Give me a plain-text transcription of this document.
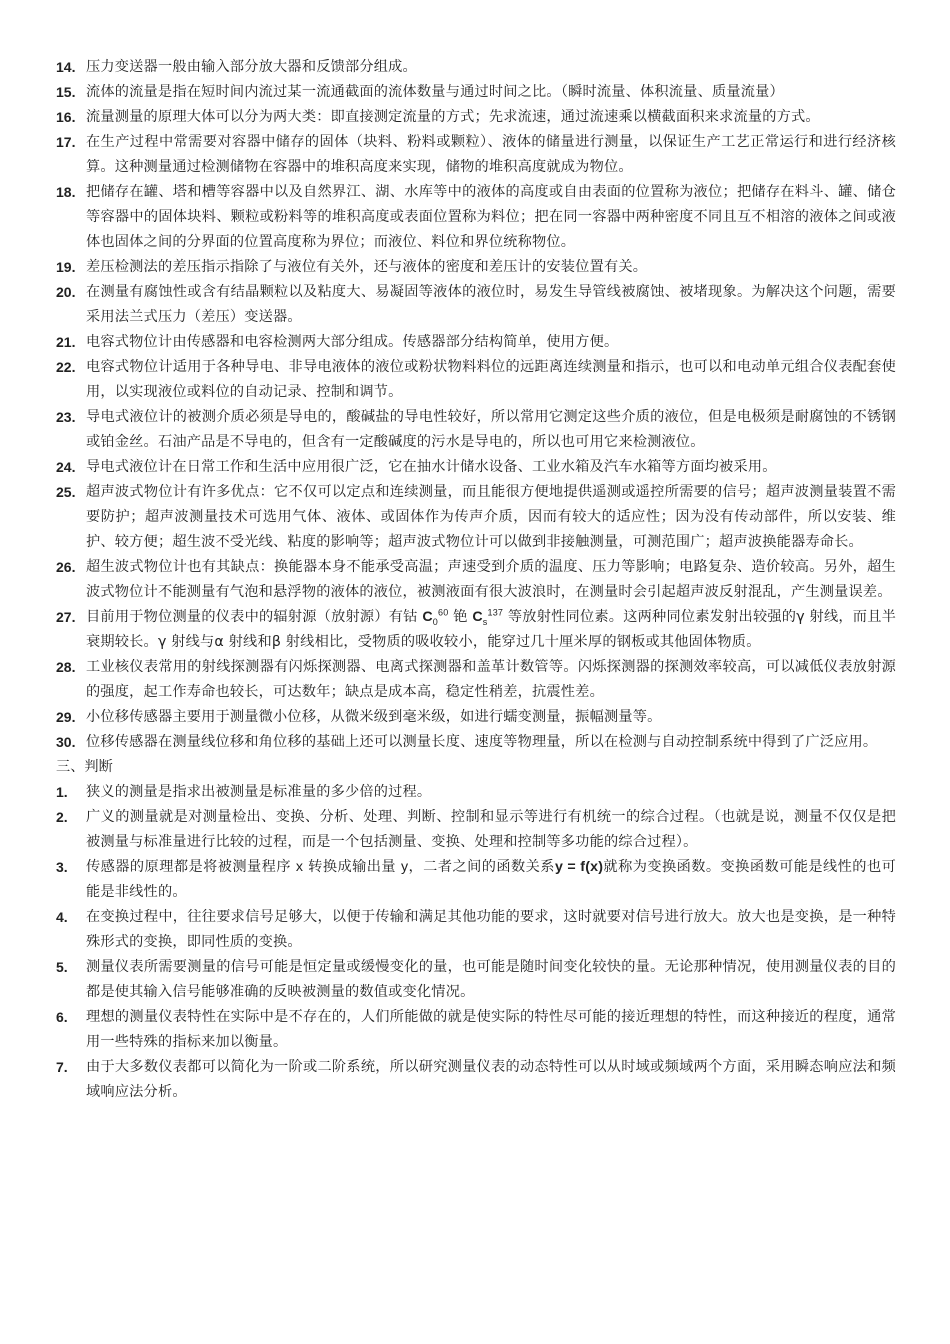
14. 压力变送器一般由输入部分放大器和反馈部分组成。
15. 流体的流量是指在短时间内流过某一流通截面的流体数量与通过时间之比。（瞬时流量、体积流量、质量流量）
16. 流量测量的原理大体可以分为两大类：即直接测定流量的方式；先求流速，通过流速乘以横截面积来求流量的方式。
17. 在生产过程中常需要对容器中储存的固体（块料、粉料或颗粒）、液体的储量进行测量，以保证生产工艺正常运行和进行经济核算。这种测量通过检测储物在容器中的堆积高度来实现，储物的堆积高度就成为物位。
18. 把储存在罐、塔和槽等容器中以及自然界江、湖、水库等中的液体的高度或自由表面的位置称为液位；把储存在料斗、罐、储仓等容器中的固体块料、颗粒或粉料等的堆积高度或表面位置称为料位；把在同一容器中两种密度不同且互不相溶的液体之间或液体也固体之间的分界面的位置高度称为界位；而液位、料位和界位统称物位。
19. 差压检测法的差压指示指除了与液位有关外，还与液体的密度和差压计的安装位置有关。
20. 在测量有腐蚀性或含有结晶颗粒以及粘度大、易凝固等液体的液位时，易发生导管线被腐蚀、被堵现象。为解决这个问题，需要采用法兰式压力（差压）变送器。
21. 电容式物位计由传感器和电容检测两大部分组成。传感器部分结构简单，使用方便。
22. 电容式物位计适用于各种导电、非导电液体的液位或粉状物料料位的远距离连续测量和指示，也可以和电动单元组合仪表配套使用，以实现液位或料位的自动记录、控制和调节。
23. 导电式液位计的被测介质必须是导电的，酸碱盐的导电性较好，所以常用它测定这些介质的液位，但是电极须是耐腐蚀的不锈钢或铂金丝。石油产品是不导电的，但含有一定酸碱度的污水是导电的，所以也可用它来检测液位。
24. 导电式液位计在日常工作和生活中应用很广泛，它在抽水计储水设备、工业水箱及汽车水箱等方面均被采用。
25. 超声波式物位计有许多优点：它不仅可以定点和连续测量，而且能很方便地提供遥测或遥控所需要的信号；超声波测量装置不需要防护；超声波测量技术可选用气体、液体、或固体作为传声介质，因而有较大的适应性；因为没有传动部件，所以安装、维护、较方便；超生波不受光线、粘度的影响等；超声波式物位计可以做到非接触测量，可测范围广；超声波换能器寿命长。
26. 超生波式物位计也有其缺点：换能器本身不能承受高温；声速受到介质的温度、压力等影响；电路复杂、造价较高。另外，超生波式物位计不能测量有气泡和悬浮物的液体的液位，被测液面有很大波浪时，在测量时会引起超声波反射混乱，产生测量误差。
27. 目前用于物位测量的仪表中的辐射源（放射源）有钴 $C_0^{60}$ 铯 $C_s^{137}$ 等放射性同位素。这两种同位素发射出较强的γ 射线，而且半衰期较长。γ 射线与α 射线和β 射线相比，受物质的吸收较小，能穿过几十厘米厚的钢板或其他固体物质。
28. 工业核仪表常用的射线探测器有闪烁探测器、电离式探测器和盖革计数管等。闪烁探测器的探测效率较高，可以减低仪表放射源的强度，起工作寿命也较长，可达数年；缺点是成本高，稳定性稍差，抗震性差。
29. 小位移传感器主要用于测量微小位移，从微米级到毫米级，如进行蠕变测量，振幅测量等。
30. 位移传感器在测量线位移和角位移的基础上还可以测量长度、速度等物理量，所以在检测与自动控制系统中得到了广泛应用。
三、判断
1.	狭义的测量是指求出被测量是标准量的多少倍的过程。
2.	广义的测量就是对测量检出、变换、分析、处理、判断、控制和显示等进行有机统一的综合过程。（也就是说，测量不仅仅是把被测量与标准量进行比较的过程，而是一个包括测量、变换、处理和控制等多功能的综合过程）。
3.	传感器的原理都是将被测量程序 x 转换成输出量 y，二者之间的函数关系y = f(x)就称为变换函数。变换函数可能是线性的也可能是非线性的。
4.	在变换过程中，往往要求信号足够大，以便于传输和满足其他功能的要求，这时就要对信号进行放大。放大也是变换，是一种特殊形式的变换，即同性质的变换。
5.	测量仪表所需要测量的信号可能是恒定量或缓慢变化的量，也可能是随时间变化较快的量。无论那种情况，使用测量仪表的目的都是使其输入信号能够准确的反映被测量的数值或变化情况。
6.	理想的测量仪表特性在实际中是不存在的，人们所能做的就是使实际的特性尽可能的接近理想的特性，而这种接近的程度，通常用一些特殊的指标来加以衡量。
7.	由于大多数仪表都可以简化为一阶或二阶系统，所以研究测量仪表的动态特性可以从时域或频域两个方面，采用瞬态响应法和频域响应法分析。
